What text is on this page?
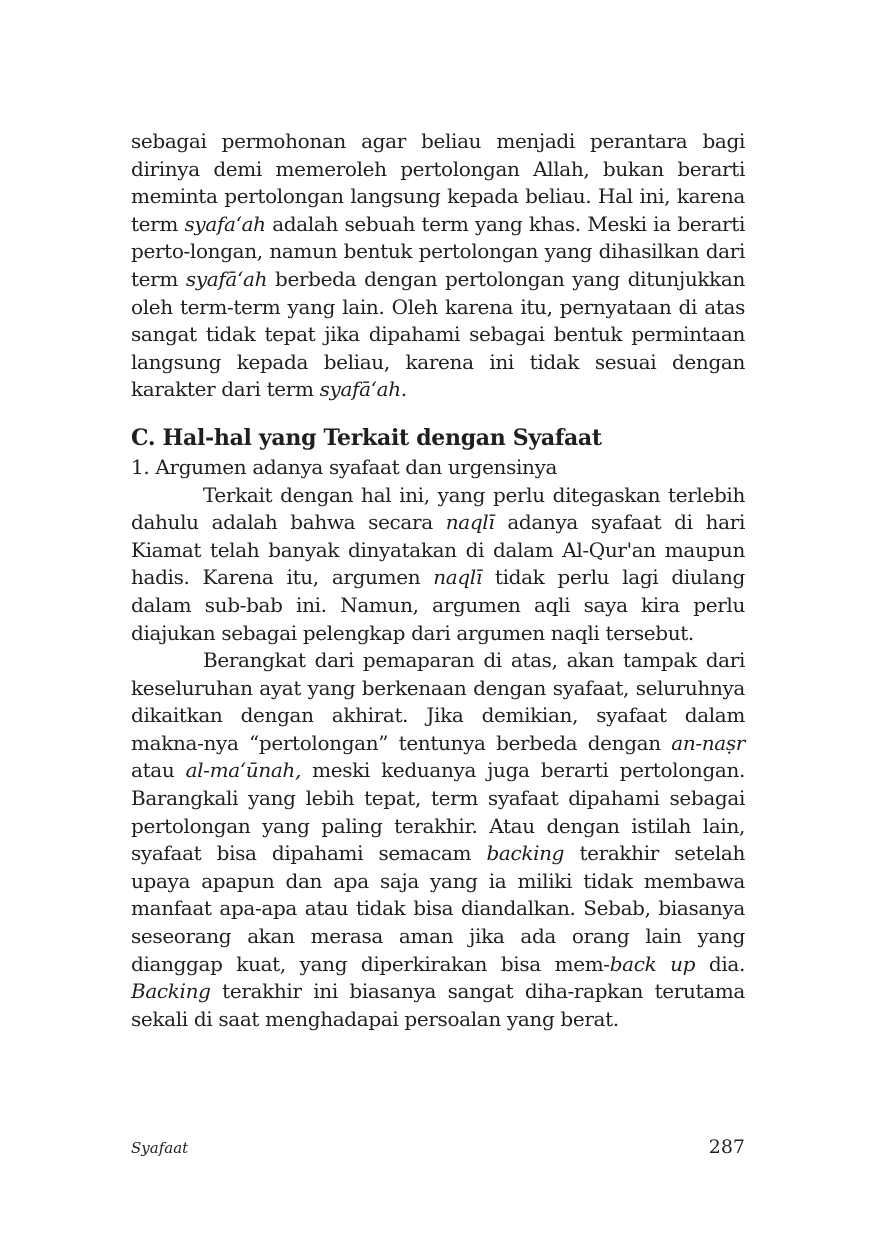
sebagai permohonan agar beliau menjadi perantara bagi dirinya demi memeroleh pertolongan Allah, bukan berarti meminta pertolongan langsung kepada beliau. Hal ini, karena term syafa‘ah adalah sebuah term yang khas. Meski ia berarti perto-longan, namun bentuk pertolongan yang dihasilkan dari term syafā‘ah berbeda dengan pertolongan yang ditunjukkan oleh term-term yang lain. Oleh karena itu, pernyataan di atas sangat tidak tepat jika dipahami sebagai bentuk permintaan langsung kepada beliau, karena ini tidak sesuai dengan karakter dari term syafā‘ah.

C. Hal-hal yang Terkait dengan Syafaat

1. Argumen adanya syafaat dan urgensinya

Terkait dengan hal ini, yang perlu ditegaskan terlebih dahulu adalah bahwa secara naqlī adanya syafaat di hari Kiamat telah banyak dinyatakan di dalam Al-Qur'an maupun hadis. Karena itu, argumen naqlī tidak perlu lagi diulang dalam sub-bab ini. Namun, argumen aqli saya kira perlu diajukan sebagai pelengkap dari argumen naqli tersebut.

Berangkat dari pemaparan di atas, akan tampak dari keseluruhan ayat yang berkenaan dengan syafaat, seluruhnya dikaitkan dengan akhirat. Jika demikian, syafaat dalam makna-nya “pertolongan” tentunya berbeda dengan an-naṣr atau al-ma‘ūnah, meski keduanya juga berarti pertolongan. Barangkali yang lebih tepat, term syafaat dipahami sebagai pertolongan yang paling terakhir. Atau dengan istilah lain, syafaat bisa dipahami semacam backing terakhir setelah upaya apapun dan apa saja yang ia miliki tidak membawa manfaat apa-apa atau tidak bisa diandalkan. Sebab, biasanya seseorang akan merasa aman jika ada orang lain yang dianggap kuat, yang diperkirakan bisa mem-back up dia. Backing terakhir ini biasanya sangat diha-rapkan terutama sekali di saat menghadapai persoalan yang berat.

Syafaat	287
